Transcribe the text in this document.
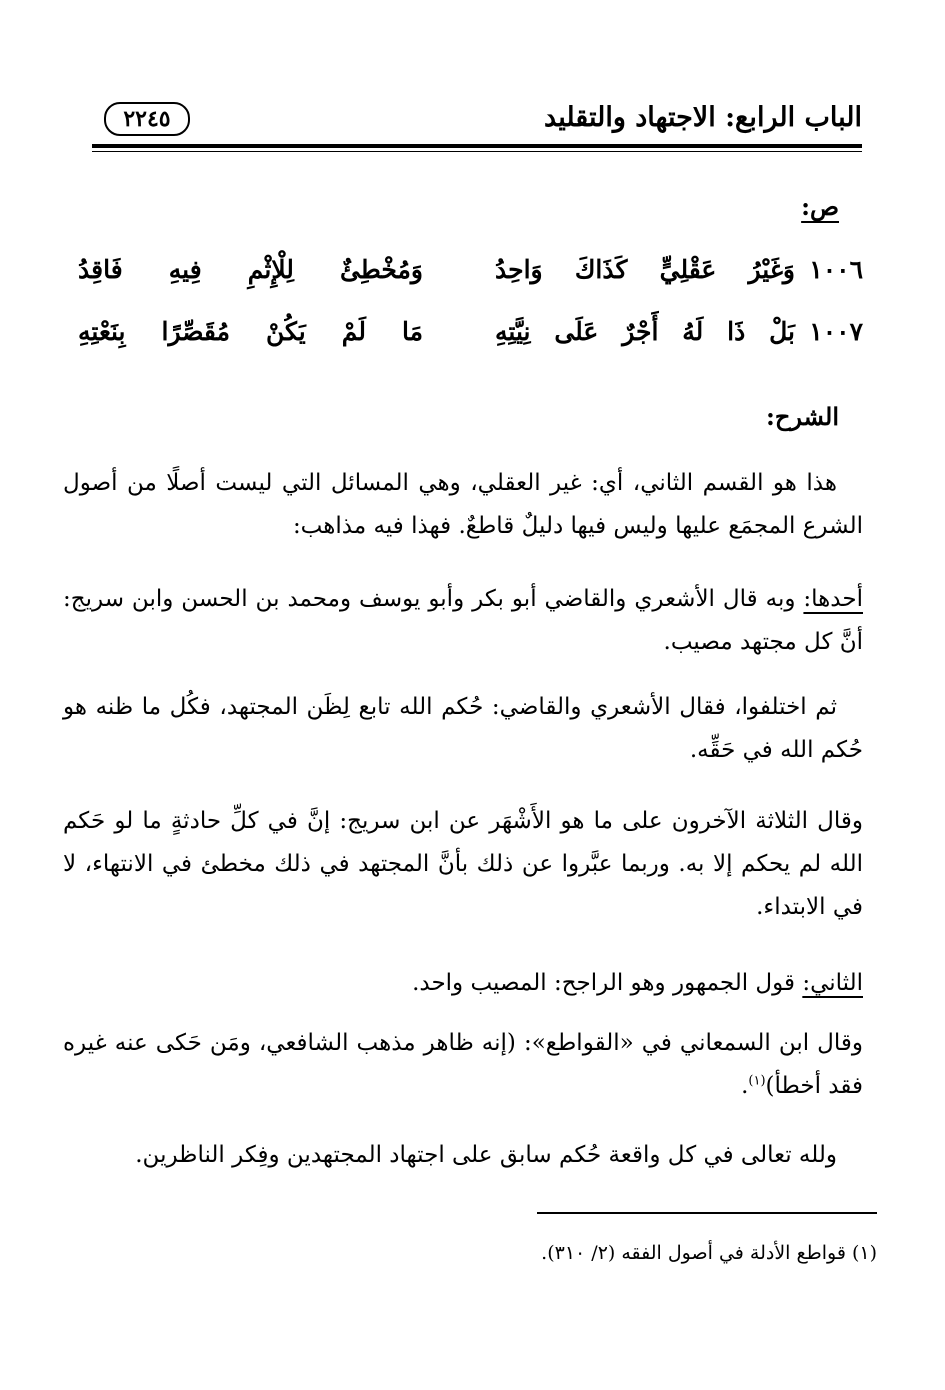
الباب الرابع: الاجتهاد والتقليد
٢٢٤٥
ص:
١٠٠٦
وَغَيْرُ عَقْلِيٍّ كَذَاكَ وَاحِدُ
وَمُخْطِئٌ لِلْإِثْمِ فِيهِ فَاقِدُ
١٠٠٧
بَلْ ذَا لَهُ أَجْرٌ عَلَى نِيَّتِهِ
مَا لَمْ يَكُنْ مُقَصِّرًا بِنَعْتِهِ
الشرح:
هذا هو القسم الثاني، أي: غير العقلي، وهي المسائل التي ليست أصلًا من أصول الشرع المجمَع عليها وليس فيها دليلٌ قاطعٌ. فهذا فيه مذاهب:
أحدها: وبه قال الأشعري والقاضي أبو بكر وأبو يوسف ومحمد بن الحسن وابن سريج: أنَّ كل مجتهد مصيب.
ثم اختلفوا، فقال الأشعري والقاضي: حُكم الله تابع لِظَن المجتهد، فكُل ما ظنه هو حُكم الله في حَقِّه.
وقال الثلاثة الآخرون على ما هو الأَشْهَر عن ابن سريج: إنَّ في كلِّ حادثةٍ ما لو حَكم الله لم يحكم إلا به. وربما عبَّروا عن ذلك بأنَّ المجتهد في ذلك مخطئ في الانتهاء، لا في الابتداء.
الثاني: قول الجمهور وهو الراجح: المصيب واحد.
وقال ابن السمعاني في «القواطع»: (إنه ظاهر مذهب الشافعي، ومَن حَكى عنه غيره فقد أخطأ)$^{(١)}$.
ولله تعالى في كل واقعة حُكم سابق على اجتهاد المجتهدين وفِكر الناظرين.
(١) قواطع الأدلة في أصول الفقه (٢/ ٣١٠).
